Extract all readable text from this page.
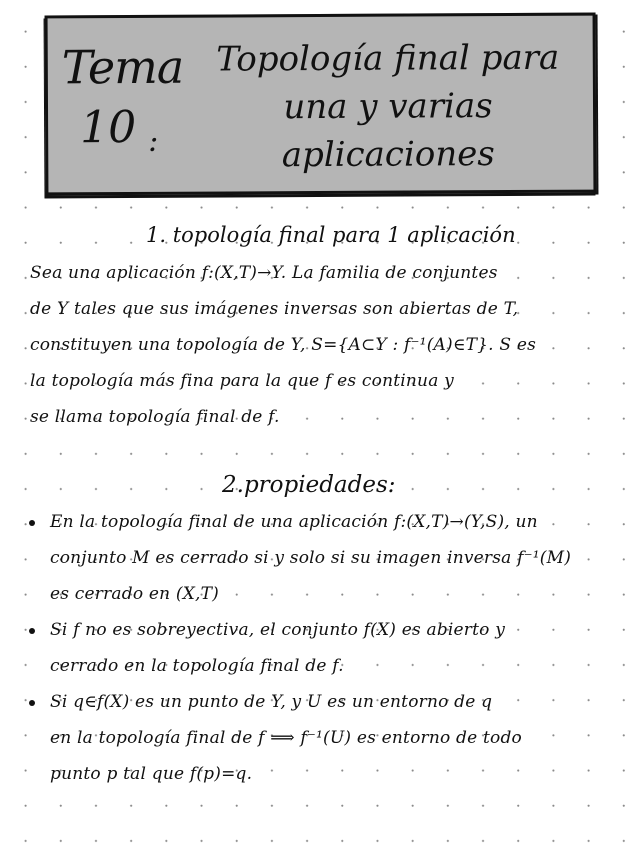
Tema
10 :
Topología final para
una y varias
aplicaciones
1. topología final para 1 aplicación
Sea una aplicación f:(X,T)→Y. La familia de conjuntes
de Y tales que sus imágenes inversas son abiertas de T,
constituyen una topología de Y, S={A⊂Y : f⁻¹(A)∈T}. S es
la topología más fina para la que f es continua y
se llama topología final de f.
2.propiedades:
En la topología final de una aplicación f:(X,T)→(Y,S), un
conjunto M es cerrado si y solo si su imagen inversa f⁻¹(M)
es cerrado en (X,T)
Si f no es sobreyectiva, el conjunto f(X) es abierto y
cerrado en la topología final de f.
Si q∈f(X) es un punto de Y, y U es un entorno de q
en la topología final de f ⟹ f⁻¹(U) es entorno de todo
punto p tal que f(p)=q.
